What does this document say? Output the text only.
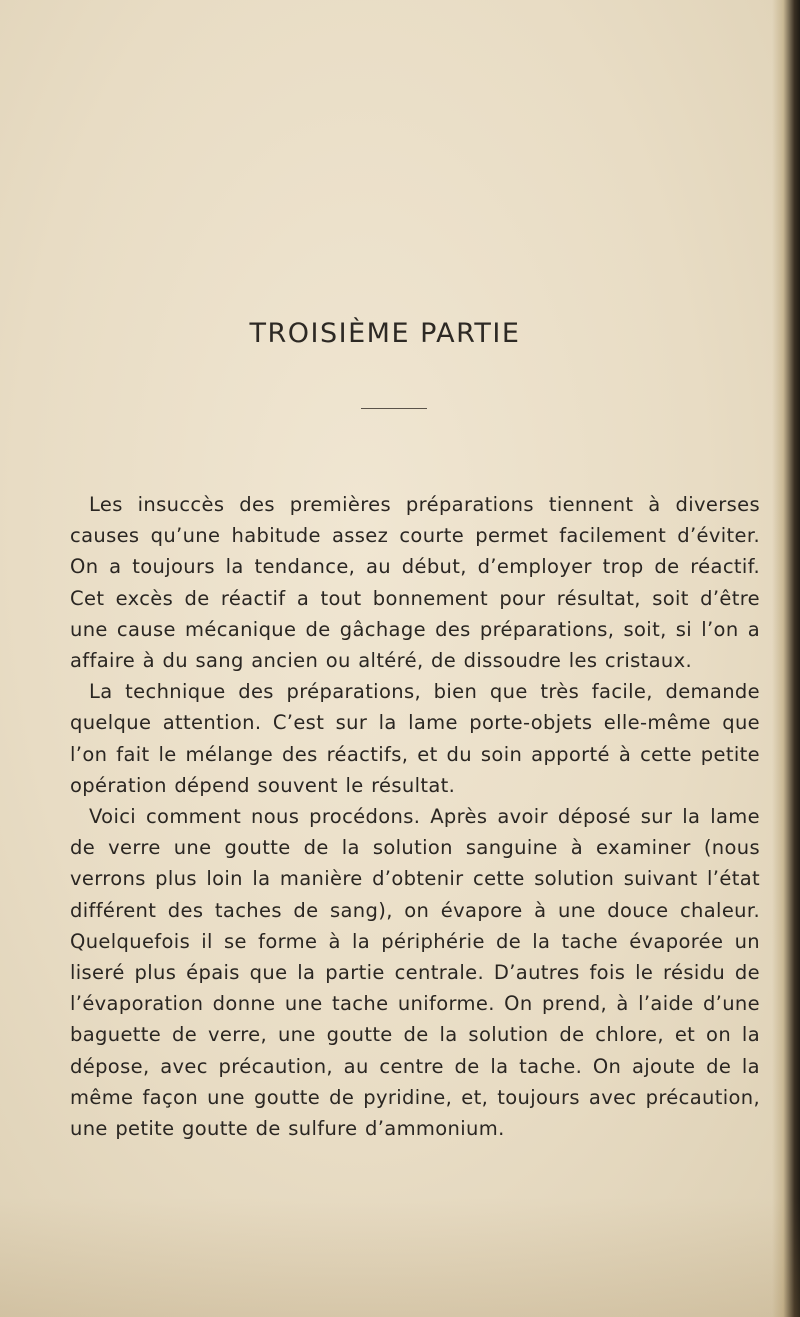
TROISIÈME PARTIE

Les insuccès des premières préparations tiennent à diverses causes qu’une habitude assez courte permet facilement d’éviter. On a toujours la tendance, au début, d’employer trop de réactif. Cet excès de réactif a tout bonnement pour résultat, soit d’être une cause mécanique de gâchage des préparations, soit, si l’on a affaire à du sang ancien ou altéré, de dissoudre les cristaux.

La technique des préparations, bien que très facile, demande quelque attention. C’est sur la lame porte-objets elle-même que l’on fait le mélange des réactifs, et du soin apporté à cette petite opération dépend souvent le résultat.

Voici comment nous procédons. Après avoir déposé sur la lame de verre une goutte de la solution sanguine à examiner (nous verrons plus loin la manière d’obtenir cette solution suivant l’état différent des taches de sang), on évapore à une douce chaleur. Quelquefois il se forme à la périphérie de la tache évaporée un liseré plus épais que la partie centrale. D’autres fois le résidu de l’évaporation donne une tache uniforme. On prend, à l’aide d’une baguette de verre, une goutte de la solution de chlore, et on la dépose, avec précaution, au centre de la tache. On ajoute de la même façon une goutte de pyridine, et, toujours avec précaution, une petite goutte de sulfure d’ammonium.
